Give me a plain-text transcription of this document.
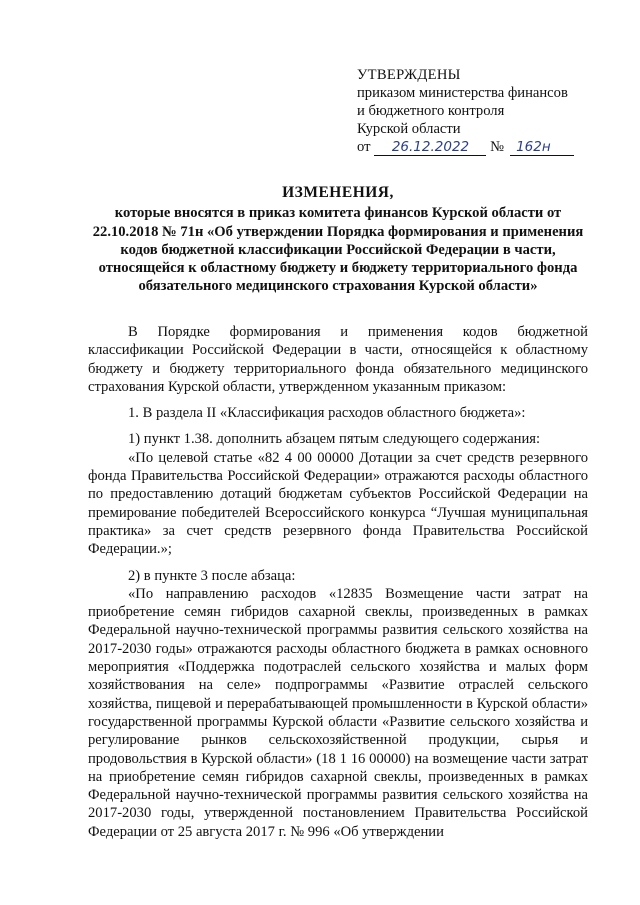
УТВЕРЖДЕНЫ
приказом министерства финансов
и бюджетного контроля
Курской области
от 26.12.2022 № 162н
ИЗМЕНЕНИЯ,
которые вносятся в приказ комитета финансов Курской области от 22.10.2018 № 71н «Об утверждении Порядка формирования и применения кодов бюджетной классификации Российской Федерации в части, относящейся к областному бюджету и бюджету территориального фонда обязательного медицинского страхования Курской области»

В Порядке формирования и применения кодов бюджетной классификации Российской Федерации в части, относящейся к областному бюджету и бюджету территориального фонда обязательного медицинского страхования Курской области, утвержденном указанным приказом:

1. В раздела II «Классификация расходов областного бюджета»:

1) пункт 1.38. дополнить абзацем пятым следующего содержания:

«По целевой статье «82 4 00 00000 Дотации за счет средств резервного фонда Правительства Российской Федерации» отражаются расходы областного по предоставлению дотаций бюджетам субъектов Российской Федерации на премирование победителей Всероссийского конкурса “Лучшая муниципальная практика» за счет средств резервного фонда Правительства Российской Федерации.»;

2) в пункте 3 после абзаца:

«По направлению расходов «12835 Возмещение части затрат на приобретение семян гибридов сахарной свеклы, произведенных в рамках Федеральной научно-технической программы развития сельского хозяйства на 2017-2030 годы» отражаются расходы областного бюджета в рамках основного мероприятия «Поддержка подотраслей сельского хозяйства и малых форм хозяйствования на селе» подпрограммы «Развитие отраслей сельского хозяйства, пищевой и перерабатывающей промышленности в Курской области» государственной программы Курской области «Развитие сельского хозяйства и регулирование рынков сельскохозяйственной продукции, сырья и продовольствия в Курской области» (18 1 16 00000) на возмещение части затрат на приобретение семян гибридов сахарной свеклы, произведенных в рамках Федеральной научно-технической программы развития сельского хозяйства на 2017-2030 годы, утвержденной постановлением Правительства Российской Федерации от 25 августа 2017 г. № 996 «Об утверждении
